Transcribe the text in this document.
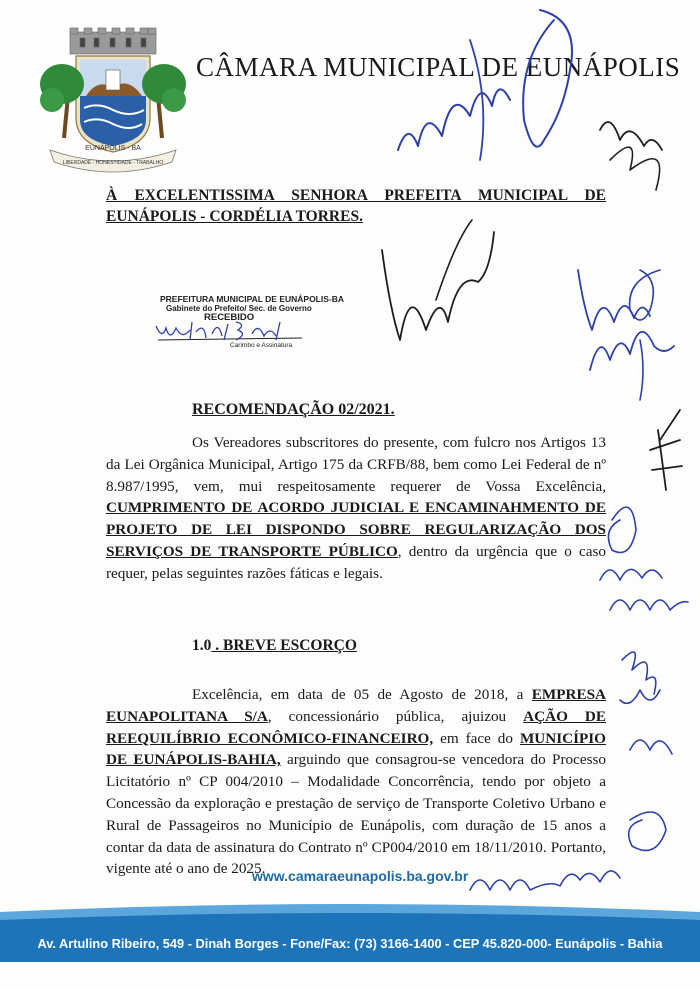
EUNÁPOLIS - BA
LIBERDADE - HONESTIDADE - TRABALHO
CÂMARA MUNICIPAL DE EUNÁPOLIS
À EXCELENTISSIMA SENHORA PREFEITA MUNICIPAL DE
EUNÁPOLIS - CORDÉLIA TORRES.
PREFEITURA MUNICIPAL DE EUNÁPOLIS-BA
Gabinete do Prefeito/ Sec. de Governo
RECEBIDO
Carimbo e Assinatura
RECOMENDAÇÃO 02/2021.
Os Vereadores subscritores do presente, com fulcro nos Artigos 13 da Lei Orgânica Municipal, Artigo 175 da CRFB/88, bem como Lei Federal de nº 8.987/1995, vem, mui respeitosamente requerer de Vossa Excelência, CUMPRIMENTO DE ACORDO JUDICIAL E ENCAMINAHMENTO DE PROJETO DE LEI DISPONDO SOBRE REGULARIZAÇÃO DOS SERVIÇOS DE TRANSPORTE PÚBLICO, dentro da urgência que o caso requer, pelas seguintes razões fáticas e legais.
1.0 . BREVE ESCORÇO
Excelência, em data de 05 de Agosto de 2018, a EMPRESA EUNAPOLITANA S/A, concessionário pública, ajuizou AÇÃO DE REEQUILÍBRIO ECONÔMICO-FINANCEIRO, em face do MUNICÍPIO DE EUNÁPOLIS-BAHIA, arguindo que consagrou-se vencedora do Processo Licitatório nº CP 004/2010 – Modalidade Concorrência, tendo por objeto a Concessão da exploração e prestação de serviço de Transporte Coletivo Urbano e Rural de Passageiros no Município de Eunápolis, com duração de 15 anos a contar da data de assinatura do Contrato nº CP004/2010 em 18/11/2010. Portanto, vigente até o ano de 2025.
www.camaraeunapolis.ba.gov.br
Av. Artulino Ribeiro, 549 - Dinah Borges - Fone/Fax: (73) 3166-1400 - CEP 45.820-000- Eunápolis - Bahia
